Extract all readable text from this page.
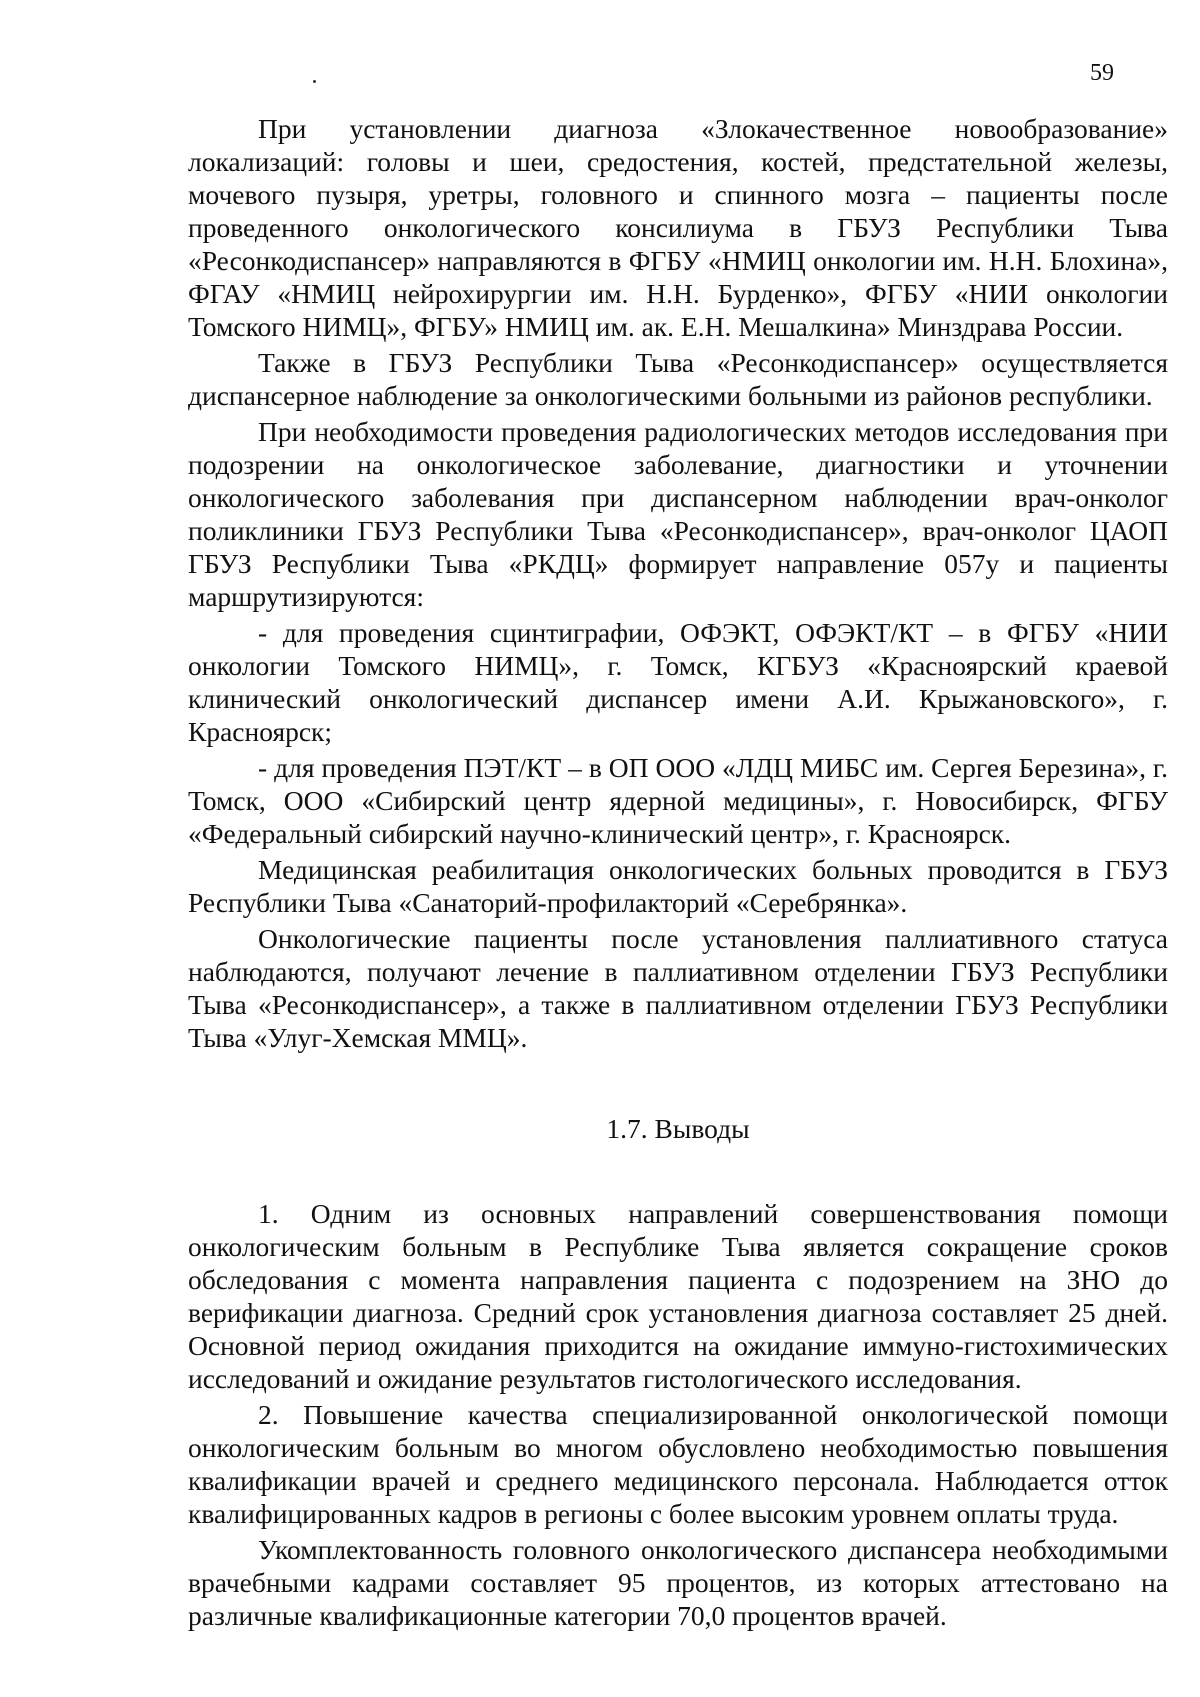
59

При установлении диагноза «Злокачественное новообразование» локализаций: головы и шеи, средостения, костей, предстательной железы, мочевого пузыря, уретры, головного и спинного мозга – пациенты после проведенного онкологического консилиума в ГБУЗ Республики Тыва «Ресонкодиспансер» направляются в ФГБУ «НМИЦ онкологии им. Н.Н. Блохина», ФГАУ «НМИЦ нейрохирургии им. Н.Н. Бурденко», ФГБУ «НИИ онкологии Томского НИМЦ», ФГБУ» НМИЦ им. ак. Е.Н. Мешалкина» Минздрава России.

Также в ГБУЗ Республики Тыва «Ресонкодиспансер» осуществляется диспансерное наблюдение за онкологическими больными из районов республики.

При необходимости проведения радиологических методов исследования при подозрении на онкологическое заболевание, диагностики и уточнении онкологического заболевания при диспансерном наблюдении врач-онколог поликлиники ГБУЗ Республики Тыва «Ресонкодиспансер», врач-онколог ЦАОП ГБУЗ Республики Тыва «РКДЦ» формирует направление 057у и пациенты маршрутизируются:

- для проведения сцинтиграфии, ОФЭКТ, ОФЭКТ/КТ – в ФГБУ «НИИ онкологии Томского НИМЦ», г. Томск, КГБУЗ «Красноярский краевой клинический онкологический диспансер имени А.И. Крыжановского», г. Красноярск;

- для проведения ПЭТ/КТ – в ОП ООО «ЛДЦ МИБС им. Сергея Березина», г. Томск, ООО «Сибирский центр ядерной медицины», г. Новосибирск, ФГБУ «Федеральный сибирский научно-клинический центр», г. Красноярск.

Медицинская реабилитация онкологических больных проводится в ГБУЗ Республики Тыва «Санаторий-профилакторий «Серебрянка».

Онкологические пациенты после установления паллиативного статуса наблюдаются, получают лечение в паллиативном отделении ГБУЗ Республики Тыва «Ресонкодиспансер», а также в паллиативном отделении ГБУЗ Республики Тыва «Улуг-Хемская ММЦ».

1.7. Выводы

1. Одним из основных направлений совершенствования помощи онкологическим больным в Республике Тыва является сокращение сроков обследования с момента направления пациента с подозрением на ЗНО до верификации диагноза. Средний срок установления диагноза составляет 25 дней. Основной период ожидания приходится на ожидание иммуно-гистохимических исследований и ожидание результатов гистологического исследования.

2. Повышение качества специализированной онкологической помощи онкологическим больным во многом обусловлено необходимостью повышения квалификации врачей и среднего медицинского персонала. Наблюдается отток квалифицированных кадров в регионы с более высоким уровнем оплаты труда.

Укомплектованность головного онкологического диспансера необходимыми врачебными кадрами составляет 95 процентов, из которых аттестовано на различные квалификационные категории 70,0 процентов врачей.
